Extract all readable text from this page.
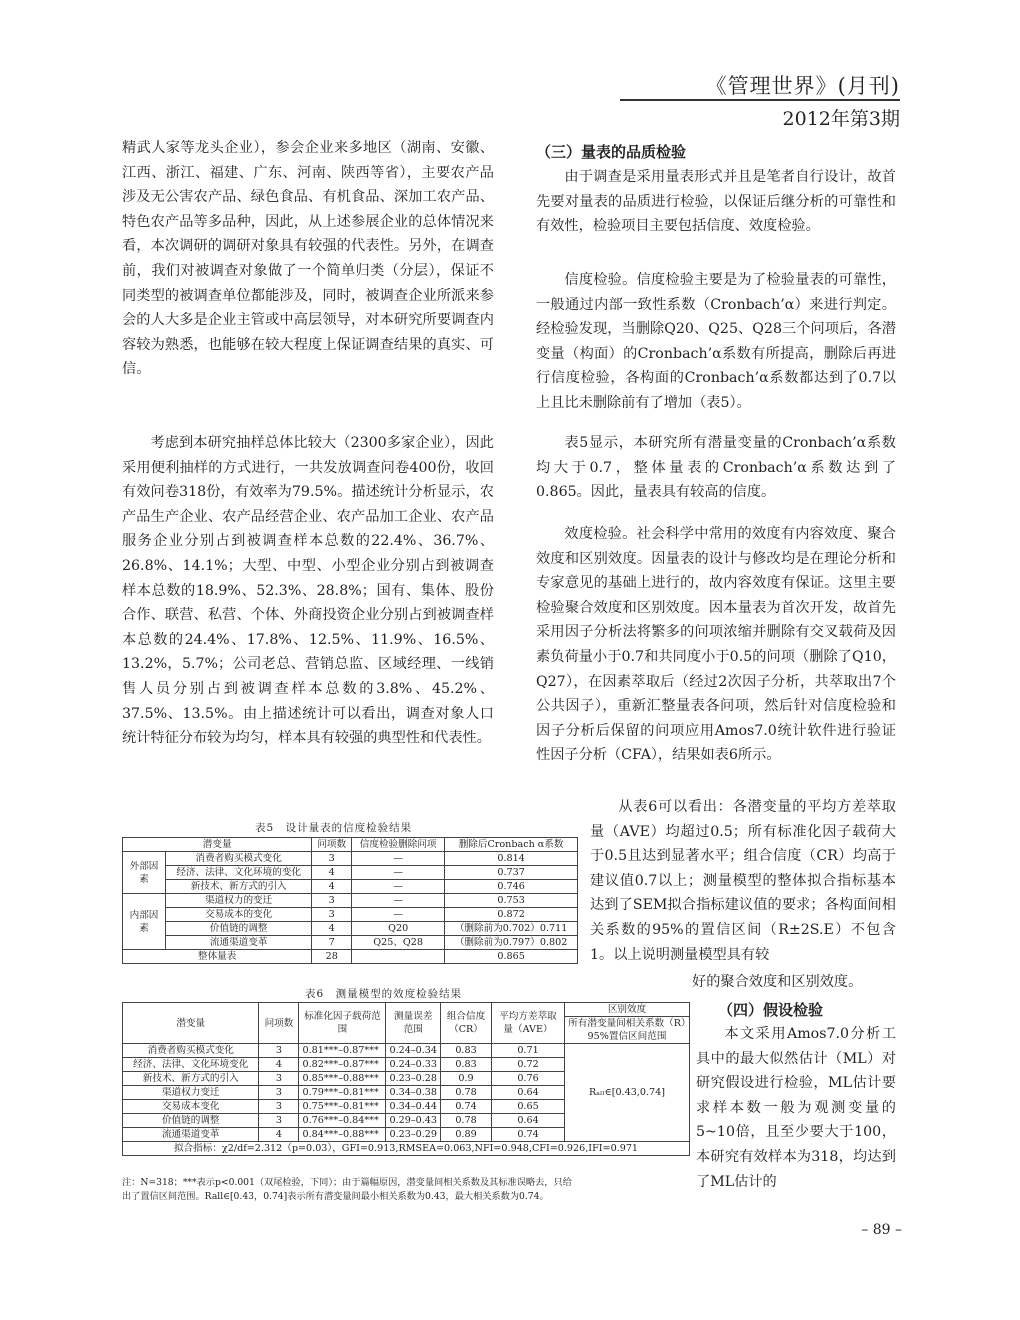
《管理世界》(月刊)
2012年第3期

精武人家等龙头企业），参会企业来多地区（湖南、安徽、江西、浙江、福建、广东、河南、陕西等省），主要农产品涉及无公害农产品、绿色食品、有机食品、深加工农产品、特色农产品等多品种，因此，从上述参展企业的总体情况来看，本次调研的调研对象具有较强的代表性。另外，在调查前，我们对被调查对象做了一个简单归类（分层），保证不同类型的被调查单位都能涉及，同时，被调查企业所派来参会的人大多是企业主管或中高层领导，对本研究所要调查内容较为熟悉，也能够在较大程度上保证调查结果的真实、可信。

考虑到本研究抽样总体比较大（2300多家企业），因此采用便利抽样的方式进行，一共发放调查问卷400份，收回有效问卷318份，有效率为79.5%。描述统计分析显示，农产品生产企业、农产品经营企业、农产品加工企业、农产品服务企业分别占到被调查样本总数的22.4%、36.7%、26.8%、14.1%；大型、中型、小型企业分别占到被调查样本总数的18.9%、52.3%、28.8%；国有、集体、股份合作、联营、私营、个体、外商投资企业分别占到被调查样本总数的24.4%、17.8%、12.5%、11.9%、16.5%、13.2%，5.7%；公司老总、营销总监、区域经理、一线销售人员分别占到被调查样本总数的3.8%、45.2%、37.5%、13.5%。由上描述统计可以看出，调查对象人口统计特征分布较为均匀，样本具有较强的典型性和代表性。

（三）量表的品质检验

由于调查是采用量表形式并且是笔者自行设计，故首先要对量表的品质进行检验，以保证后继分析的可靠性和有效性，检验项目主要包括信度、效度检验。

信度检验。信度检验主要是为了检验量表的可靠性，一般通过内部一致性系数（Cronbach’α）来进行判定。经检验发现，当删除Q20、Q25、Q28三个问项后，各潜变量（构面）的Cronbach’α系数有所提高，删除后再进行信度检验，各构面的Cronbach’α系数都达到了0.7以上且比未删除前有了增加（表5）。

表5显示，本研究所有潜量变量的Cronbach’α系数均大于0.7，整体量表的Cronbach’α系数达到了0.865。因此，量表具有较高的信度。

效度检验。社会科学中常用的效度有内容效度、聚合效度和区别效度。因量表的设计与修改均是在理论分析和专家意见的基础上进行的，故内容效度有保证。这里主要检验聚合效度和区别效度。因本量表为首次开发，故首先采用因子分析法将繁多的问项浓缩并删除有交叉载荷及因素负荷量小于0.7和共同度小于0.5的问项（删除了Q10，Q27），在因素萃取后（经过2次因子分析，共萃取出7个公共因子），重新汇整量表各问项，然后针对信度检验和因子分析后保留的问项应用Amos7.0统计软件进行验证性因子分析（CFA），结果如表6所示。

从表6可以看出：各潜变量的平均方差萃取量（AVE）均超过0.5；所有标准化因子载荷大于0.5且达到显著水平；组合信度（CR）均高于建议值0.7以上；测量模型的整体拟合指标基本达到了SEM拟合指标建议值的要求；各构面间相关系数的95%的置信区间（R±2S.E）不包含1。以上说明测量模型具有较

好的聚合效度和区别效度。

（四）假设检验

本文采用Amos7.0分析工具中的最大似然估计（ML）对研究假设进行检验，ML估计要求样本数一般为观测变量的5~10倍，且至少要大于100，本研究有效样本为318，均达到了ML估计的

表5　设计量表的信度检验结果
潜变量		问项数	信度检验删除问项	删除后Cronbach α系数
外部因素	消费者购买模式变化	3	—	0.814
	经济、法律、文化环境的变化	4	—	0.737
	新技术、新方式的引入	4	—	0.746
内部因素	渠道权力的变迁	3	—	0.753
	交易成本的变化	3	—	0.872
	价值链的调整	4	Q20	（删除前为0.702）0.711
	流通渠道变革	7	Q25、Q28	（删除前为0.797）0.802
整体量表		28		0.865
表6　测量模型的效度检验结果
潜变量	问项数	标准化因子载荷范围	测量误差范围	组合信度（CR）	平均方差萃取量（AVE）	区别效度
						所有潜变量间相关系数（R）95%置信区间范围
消费者购买模式变化	3	0.81***–0.87***	0.24–0.34	0.83	0.71	Rₐₗₗ∈[0.43,0.74]
经济、法律、文化环境变化	4	0.82***–0.87***	0.24–0.33	0.83	0.72	
新技术、新方式的引入	3	0.85***–0.88***	0.23–0.28	0.9	0.76	
渠道权力变迁	3	0.79***–0.81***	0.34–0.38	0.78	0.64	
交易成本变化	3	0.75***–0.81***	0.34–0.44	0.74	0.65	
价值链的调整	3	0.76***–0.84***	0.29–0.43	0.78	0.64	
流通渠道变革	4	0.84***–0.88***	0.23–0.29	0.89	0.74	
拟合指标：χ2/df=2.312（p=0.03），GFI=0.913,RMSEA=0.063,NFI=0.948,CFI=0.926,IFI=0.971						
注：N=318；***表示p<0.001（双尾检验，下同）；由于篇幅原因，潜变量间相关系数及其标准误略去，只给
出了置信区间范围。Rall∈[0.43，0.74]表示所有潜变量间最小相关系数为0.43，最大相关系数为0.74。
– 89 –
